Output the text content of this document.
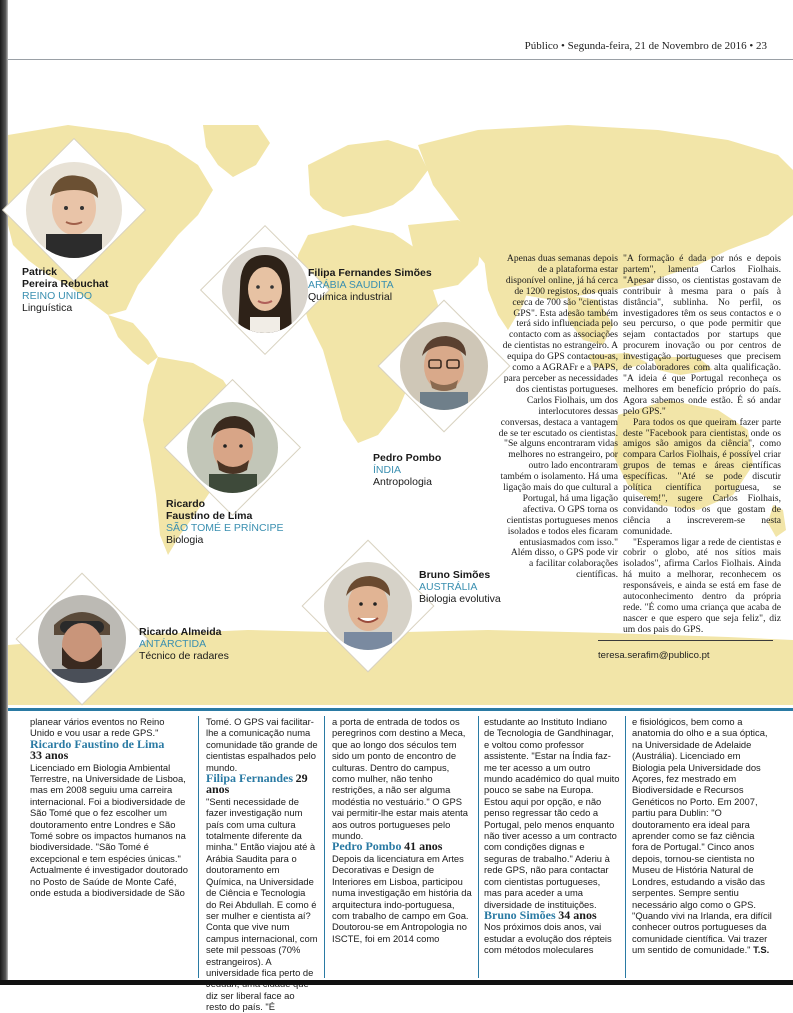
Público • Segunda-feira, 21 de Novembro de 2016 • 23
Patrick
Pereira Rebuchat
REINO UNIDO
Linguística
Filipa Fernandes Simões
ARÁBIA SAUDITA
Química industrial
Pedro Pombo
ÍNDIA
Antropologia
Ricardo
Faustino de Lima
SÃO TOMÉ E PRÍNCIPE
Biologia
Bruno Simões
AUSTRÁLIA
Biologia evolutiva
Ricardo Almeida
ANTÁRCTIDA
Técnico de radares

Apenas duas semanas depois de a plataforma estar disponível online, já há cerca de 1200 registos, dos quais cerca de 700 são "cientistas GPS". Esta adesão também terá sido influenciada pelo contacto com as associações de cientistas no estrangeiro. A equipa do GPS contactou-as, como a AGRAFr e a PAPS, para perceber as necessidades dos cientistas portugueses. Carlos Fiolhais, um dos interlocutores dessas conversas, destaca a vantagem de se ter escutado os cientistas. "Se alguns encontraram vidas melhores no estrangeiro, por outro lado encontraram também o isolamento. Há uma ligação mais do que cultural a Portugal, há uma ligação afectiva. O GPS torna os cientistas portugueses menos isolados e todos eles ficaram entusiasmados com isso."

Além disso, o GPS pode vir a facilitar colaborações científicas.

"A formação é dada por nós e depois partem", lamenta Carlos Fiolhais. "Apesar disso, os cientistas gostavam de contribuir à mesma para o país à distância", sublinha. No perfil, os investigadores têm os seus contactos e o seu percurso, o que pode permitir que sejam contactados por startups que procurem inovação ou por centros de investigação portugueses que precisem de colaboradores com alta qualificação. "A ideia é que Portugal reconheça os melhores em benefício próprio do país. Agora sabemos onde estão. É só andar pelo GPS."

Para todos os que queiram fazer parte deste "Facebook para cientistas, onde os amigos são amigos da ciência", como compara Carlos Fiolhais, é possível criar grupos de temas e áreas científicas específicas. "Até se pode discutir política científica portuguesa, se quiserem!", sugere Carlos Fiolhais, convidando todos os que gostam de ciência a inscreverem-se nesta comunidade.

"Esperamos ligar a rede de cientistas e cobrir o globo, até nos sítios mais isolados", afirma Carlos Fiolhais. Ainda há muito a melhorar, reconhecem os responsáveis, e ainda se está em fase de autoconhecimento dentro da própria rede. "É como uma criança que acaba de nascer e que espero que seja feliz", diz um dos pais do GPS.

teresa.serafim@publico.pt

planear vários eventos no Reino Unido e vou usar a rede GPS."

Ricardo Faustino de Lima
33 anos

Licenciado em Biologia Ambiental Terrestre, na Universidade de Lisboa, mas em 2008 seguiu uma carreira internacional. Foi a biodiversidade de São Tomé que o fez escolher um doutoramento entre Londres e São Tomé sobre os impactos humanos na biodiversidade. "São Tomé é excepcional e tem espécies únicas." Actualmente é investigador doutorado no Posto de Saúde de Monte Café, onde estuda a biodiversidade de São

Tomé. O GPS vai facilitar-lhe a comunicação numa comunidade tão grande de cientistas espalhados pelo mundo.

Filipa Fernandes 29 anos

"Senti necessidade de fazer investigação num país com uma cultura totalmente diferente da minha." Então viajou até à Arábia Saudita para o doutoramento em Química, na Universidade de Ciência e Tecnologia do Rei Abdullah. E como é ser mulher e cientista aí? Conta que vive num campus internacional, com sete mil pessoas (70% estrangeiros). A universidade fica perto de diz ser liberal face ao resto do país. "É

a porta de entrada de todos os peregrinos com destino a Meca, que ao longo dos séculos tem sido um ponto de encontro de culturas. Dentro do campus, como mulher, não tenho restrições, a não ser alguma modéstia no vestuário." O GPS vai permitir-lhe estar mais atenta aos outros portugueses pelo mundo.

Pedro Pombo 41 anos

Depois da licenciatura em Artes Decorativas e Design de Interiores em Lisboa, participou numa investigação em história da arquitectura indo-portuguesa, com trabalho de campo em Goa. Doutorou-se em Antropologia no ISCTE, foi em 2014 como

estudante ao Instituto Indiano de Tecnologia de Gandhinagar, e voltou como professor assistente. "Estar na Índia faz-me ter acesso a um outro mundo académico do qual muito pouco se sabe na Europa. Estou aqui por opção, e não penso regressar tão cedo a Portugal, pelo menos enquanto não tiver acesso a um contracto com condições dignas e seguras de trabalho." Aderiu à rede GPS, não para contactar com cientistas portugueses, mas para aceder a uma diversidade de instituições.

Bruno Simões 34 anos

Nos próximos dois anos, vai estudar a evolução dos répteis com métodos moleculares

e fisiológicos, bem como a anatomia do olho e a sua óptica, na Universidade de Adelaide (Austrália). Licenciado em Biologia pela Universidade dos Açores, fez mestrado em Biodiversidade e Recursos Genéticos no Porto. Em 2007, partiu para Dublin: "O doutoramento era ideal para aprender como se faz ciência fora de Portugal." Cinco anos depois, tornou-se cientista no Museu de História Natural de Londres, estudando a visão das serpentes. Sempre sentiu necessário algo como o GPS. "Quando vivi na Irlanda, era difícil conhecer outros portugueses da comunidade científica. Vai trazer um sentido de comunidade." T.S.
